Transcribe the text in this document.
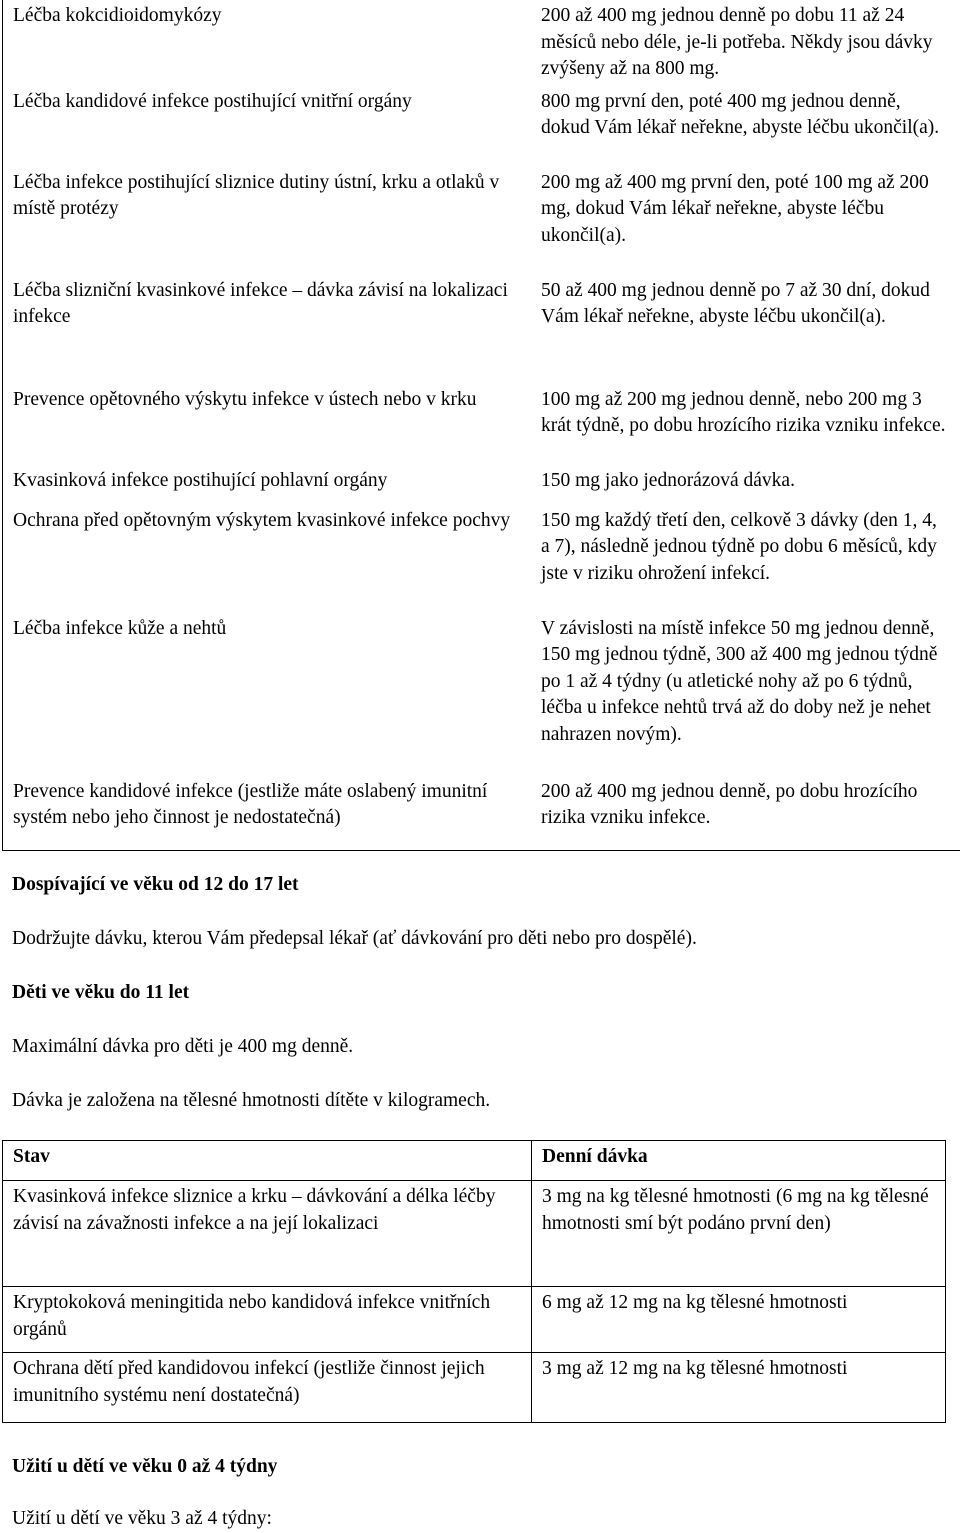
Léčba kokcidioidomykózy	200 až 400 mg jednou denně po dobu 11 až 24 měsíců nebo déle, je-li potřeba. Někdy jsou dávky zvýšeny až na 800 mg.
Léčba kandidové infekce postihující vnitřní orgány	800 mg první den, poté 400 mg jednou denně, dokud Vám lékař neřekne, abyste léčbu ukončil(a).
Léčba infekce postihující sliznice dutiny ústní, krku a otlaků v místě protézy	200 mg až 400 mg první den, poté 100 mg až 200 mg, dokud Vám lékař neřekne, abyste léčbu ukončil(a).
Léčba slizniční kvasinkové infekce – dávka závisí na lokalizaci infekce	50 až 400 mg jednou denně po 7 až 30 dní, dokud Vám lékař neřekne, abyste léčbu ukončil(a).
Prevence opětovného výskytu infekce v ústech nebo v krku	100 mg až 200 mg jednou denně, nebo 200 mg 3 krát týdně, po dobu hrozícího rizika vzniku infekce.
Kvasinková infekce postihující pohlavní orgány	150 mg jako jednorázová dávka.
Ochrana před opětovným výskytem kvasinkové infekce pochvy	150 mg každý třetí den, celkově 3 dávky (den 1, 4, a 7), následně jednou týdně po dobu 6 měsíců, kdy jste v riziku ohrožení infekcí.
Léčba infekce kůže a nehtů	V závislosti na místě infekce 50 mg jednou denně, 150 mg jednou týdně, 300 až 400 mg jednou týdně po 1 až 4 týdny (u atletické nohy až po 6 týdnů, léčba u infekce nehtů trvá až do doby než je nehet nahrazen novým).
Prevence kandidové infekce (jestliže máte oslabený imunitní systém nebo jeho činnost je nedostatečná)	200 až 400 mg jednou denně, po dobu hrozícího rizika vzniku infekce.

Dospívající ve věku od 12 do 17 let

Dodržujte dávku, kterou Vám předepsal lékař (ať dávkování pro děti nebo pro dospělé).

Děti ve věku do 11 let

Maximální dávka pro děti je 400 mg denně.

Dávka je založena na tělesné hmotnosti dítěte v kilogramech.

Stav	Denní dávka
Kvasinková infekce sliznice a krku – dávkování a délka léčby závisí na závažnosti infekce a na její lokalizaci	3 mg na kg tělesné hmotnosti (6 mg na kg tělesné hmotnosti smí být podáno první den)
Kryptokoková meningitida nebo kandidová infekce vnitřních orgánů	6 mg až 12 mg na kg tělesné hmotnosti
Ochrana dětí před kandidovou infekcí (jestliže činnost jejich imunitního systému není dostatečná)	3 mg až 12 mg na kg tělesné hmotnosti

Užití u dětí ve věku 0 až 4 týdny

Užití u dětí ve věku 3 až 4 týdny:
